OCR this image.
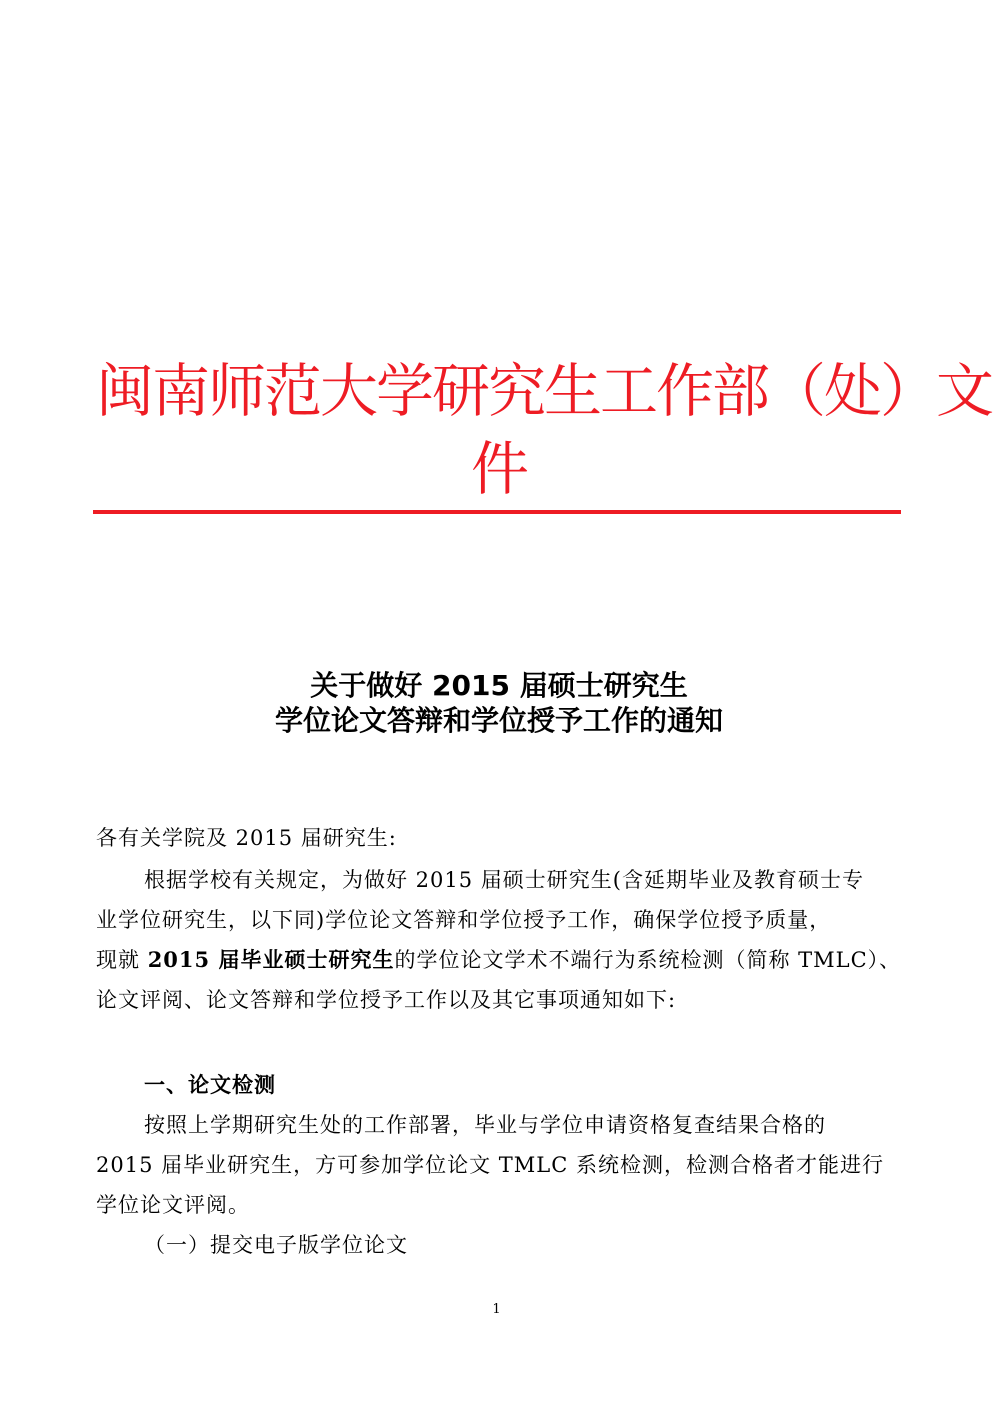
闽南师范大学研究生工作部（处）文
件
关于做好 2015 届硕士研究生
学位论文答辩和学位授予工作的通知

各有关学院及 2015 届研究生:

根据学校有关规定，为做好 2015 届硕士研究生(含延期毕业及教育硕士专
业学位研究生，以下同)学位论文答辩和学位授予工作，确保学位授予质量，
现就 2015 届毕业硕士研究生的学位论文学术不端行为系统检测（简称 TMLC）、
论文评阅、论文答辩和学位授予工作以及其它事项通知如下:

一、论文检测

按照上学期研究生处的工作部署，毕业与学位申请资格复查结果合格的
2015 届毕业研究生，方可参加学位论文 TMLC 系统检测，检测合格者才能进行
学位论文评阅。
（一）提交电子版学位论文
1
